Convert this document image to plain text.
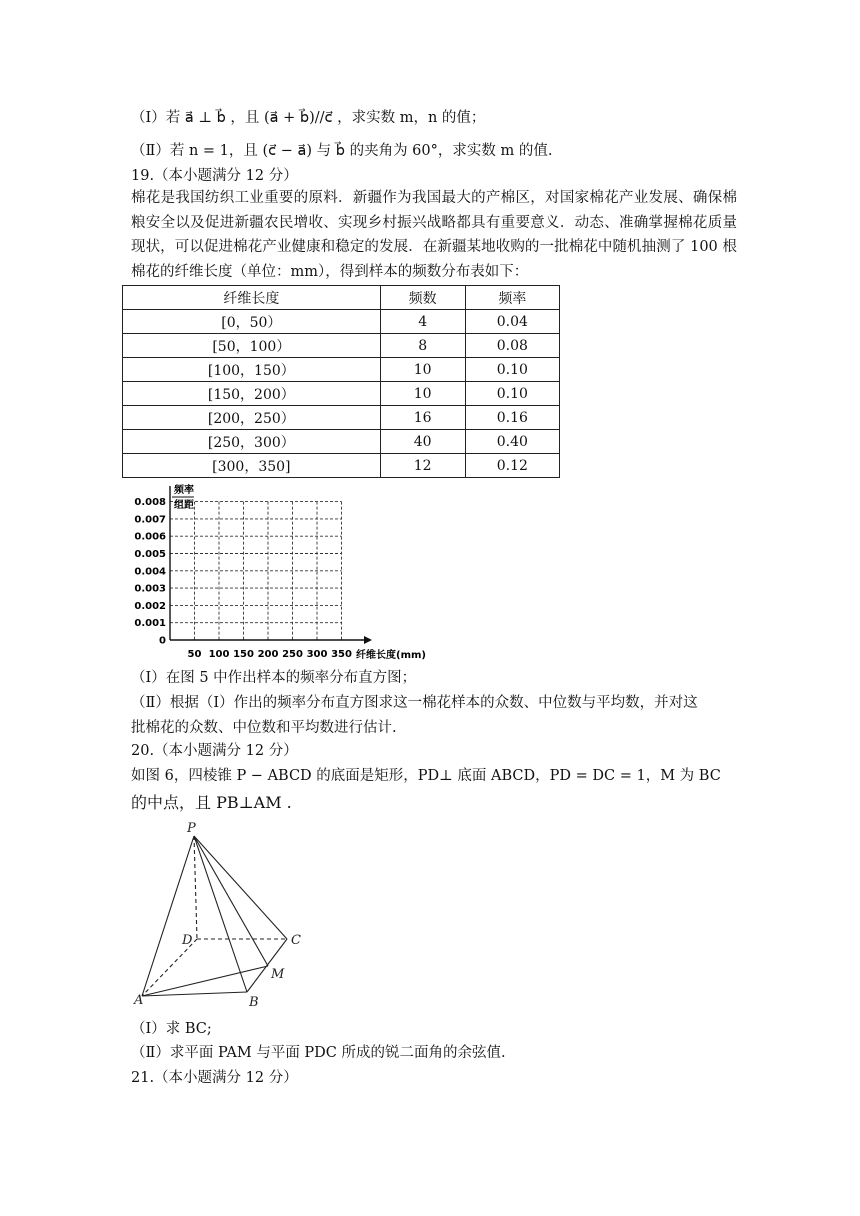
（Ⅰ）若 a⃗ ⊥ b⃗ ，且 (a⃗ + b⃗)//c⃗ ，求实数 m，n 的值；
（Ⅱ）若 n = 1，且 (c⃗ − a⃗) 与 b⃗ 的夹角为 60°，求实数 m 的值.
19.（本小题满分 12 分）
棉花是我国纺织工业重要的原料．新疆作为我国最大的产棉区，对国家棉花产业发展、确保棉粮安全以及促进新疆农民增收、实现乡村振兴战略都具有重要意义．动态、准确掌握棉花质量现状，可以促进棉花产业健康和稳定的发展．在新疆某地收购的一批棉花中随机抽测了 100 根棉花的纤维长度（单位：mm），得到样本的频数分布表如下：
纤维长度	频数	频率
[0，50）	4	0.04
[50，100）	8	0.08
[100，150）	10	0.10
[150，200）	10	0.10
[200，250）	16	0.16
[250，300）	40	0.40
[300，350]	12	0.12
频率
组距
0.008
0.007
0.006
0.005
0.004
0.003
0.002
0.001
0
50 100 150 200 250 300 350 纤维长度(mm)
（Ⅰ）在图 5 中作出样本的频率分布直方图；
（Ⅱ）根据（Ⅰ）作出的频率分布直方图求这一棉花样本的众数、中位数与平均数，并对这
批棉花的众数、中位数和平均数进行估计.
20.（本小题满分 12 分）
如图 6，四棱锥 P − ABCD 的底面是矩形，PD⊥ 底面 ABCD，PD = DC = 1，M 为 BC
的中点，且 PB⊥AM .
P
D	C
M
A	B
（Ⅰ）求 BC;
（Ⅱ）求平面 PAM 与平面 PDC 所成的锐二面角的余弦值.
21.（本小题满分 12 分）
